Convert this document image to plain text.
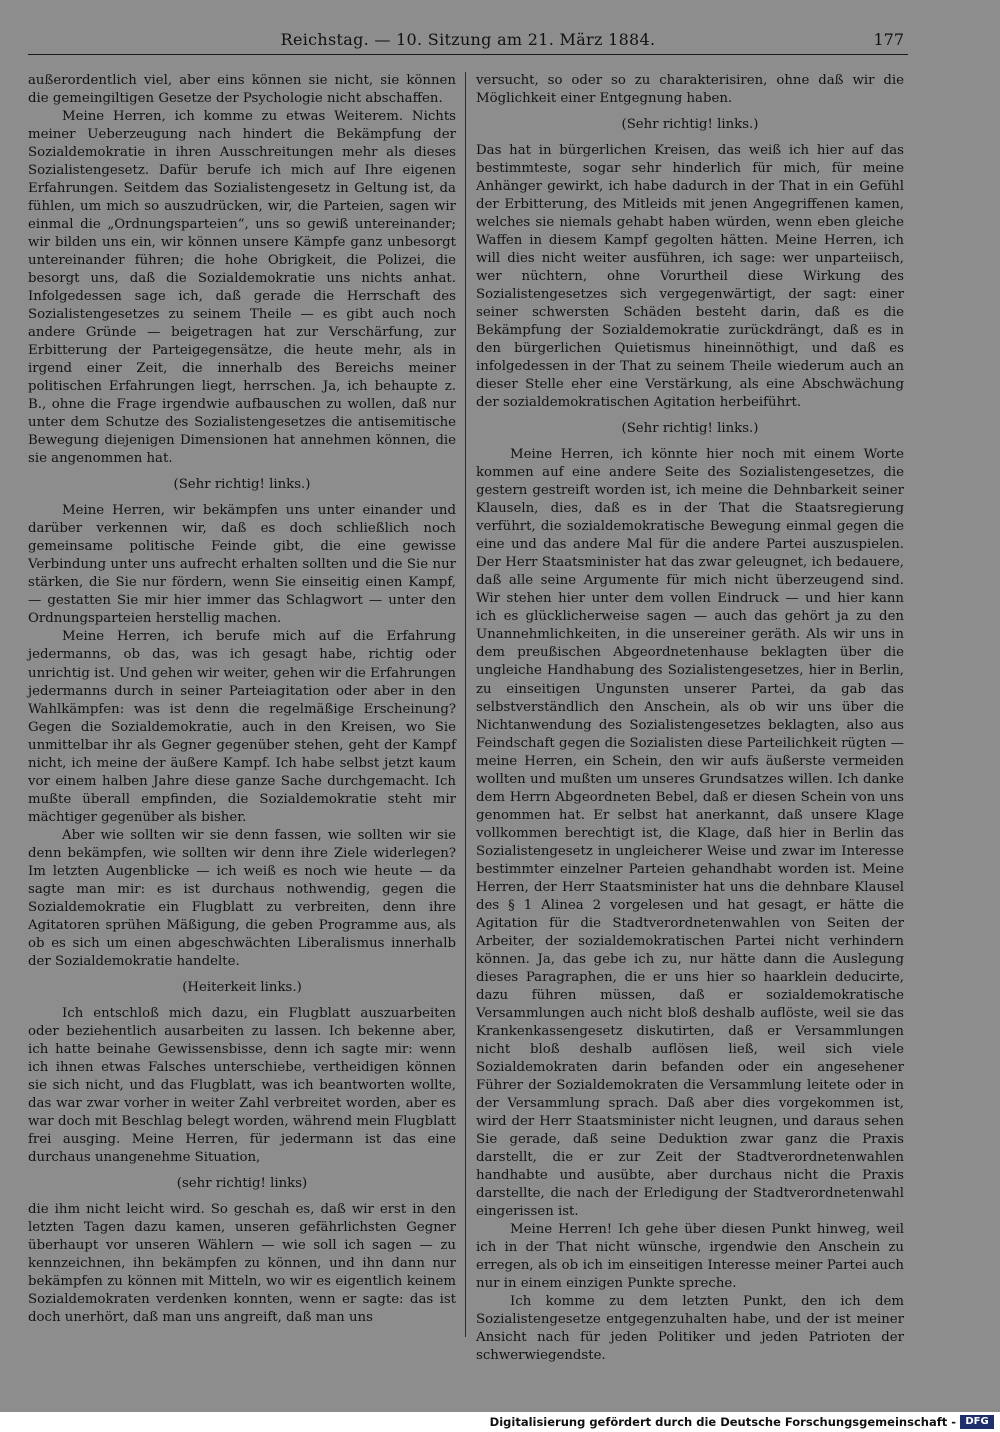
Reichstag. — 10. Sitzung am 21. März 1884.	177

außerordentlich viel, aber eins können sie nicht, sie können die gemeingiltigen Gesetze der Psychologie nicht abschaffen.

Meine Herren, ich komme zu etwas Weiterem. Nichts meiner Ueberzeugung nach hindert die Bekämpfung der Sozialdemokratie in ihren Ausschreitungen mehr als dieses Sozialistengesetz. Dafür berufe ich mich auf Ihre eigenen Erfahrungen. Seitdem das Sozialistengesetz in Geltung ist, da fühlen, um mich so auszudrücken, wir, die Parteien, sagen wir einmal die „Ordnungsparteien“, uns so gewiß untereinander; wir bilden uns ein, wir können unsere Kämpfe ganz unbesorgt untereinander führen; die hohe Obrigkeit, die Polizei, die besorgt uns, daß die Sozialdemokratie uns nichts anhat. Infolgedessen sage ich, daß gerade die Herrschaft des Sozialistengesetzes zu seinem Theile — es gibt auch noch andere Gründe — beigetragen hat zur Verschärfung, zur Erbitterung der Parteigegensätze, die heute mehr, als in irgend einer Zeit, die innerhalb des Bereichs meiner politischen Erfahrungen liegt, herrschen. Ja, ich behaupte z. B., ohne die Frage irgendwie aufbauschen zu wollen, daß nur unter dem Schutze des Sozialistengesetzes die antisemitische Bewegung diejenigen Dimensionen hat annehmen können, die sie angenommen hat.

(Sehr richtig! links.)

Meine Herren, wir bekämpfen uns unter einander und darüber verkennen wir, daß es doch schließlich noch gemeinsame politische Feinde gibt, die eine gewisse Verbindung unter uns aufrecht erhalten sollten und die Sie nur stärken, die Sie nur fördern, wenn Sie einseitig einen Kampf, — gestatten Sie mir hier immer das Schlagwort — unter den Ordnungsparteien herstellig machen.

Meine Herren, ich berufe mich auf die Erfahrung jedermanns, ob das, was ich gesagt habe, richtig oder unrichtig ist. Und gehen wir weiter, gehen wir die Erfahrungen jedermanns durch in seiner Parteiagitation oder aber in den Wahlkämpfen: was ist denn die regelmäßige Erscheinung? Gegen die Sozialdemokratie, auch in den Kreisen, wo Sie unmittelbar ihr als Gegner gegenüber stehen, geht der Kampf nicht, ich meine der äußere Kampf. Ich habe selbst jetzt kaum vor einem halben Jahre diese ganze Sache durchgemacht. Ich mußte überall empfinden, die Sozialdemokratie steht mir mächtiger gegenüber als bisher.

Aber wie sollten wir sie denn fassen, wie sollten wir sie denn bekämpfen, wie sollten wir denn ihre Ziele widerlegen? Im letzten Augenblicke — ich weiß es noch wie heute — da sagte man mir: es ist durchaus nothwendig, gegen die Sozialdemokratie ein Flugblatt zu verbreiten, denn ihre Agitatoren sprühen Mäßigung, die geben Programme aus, als ob es sich um einen abgeschwächten Liberalismus innerhalb der Sozialdemokratie handelte.

(Heiterkeit links.)

Ich entschloß mich dazu, ein Flugblatt auszuarbeiten oder beziehentlich ausarbeiten zu lassen. Ich bekenne aber, ich hatte beinahe Gewissensbisse, denn ich sagte mir: wenn ich ihnen etwas Falsches unterschiebe, vertheidigen können sie sich nicht, und das Flugblatt, was ich beantworten wollte, das war zwar vorher in weiter Zahl verbreitet worden, aber es war doch mit Beschlag belegt worden, während mein Flugblatt frei ausging. Meine Herren, für jedermann ist das eine durchaus unangenehme Situation,

(sehr richtig! links)

die ihm nicht leicht wird. So geschah es, daß wir erst in den letzten Tagen dazu kamen, unseren gefährlichsten Gegner überhaupt vor unseren Wählern — wie soll ich sagen — zu kennzeichnen, ihn bekämpfen zu können, und ihn dann nur bekämpfen zu können mit Mitteln, wo wir es eigentlich keinem Sozialdemokraten verdenken konnten, wenn er sagte: das ist doch unerhört, daß man uns angreift, daß man uns

versucht, so oder so zu charakterisiren, ohne daß wir die Möglichkeit einer Entgegnung haben.

(Sehr richtig! links.)

Das hat in bürgerlichen Kreisen, das weiß ich hier auf das bestimmteste, sogar sehr hinderlich für mich, für meine Anhänger gewirkt, ich habe dadurch in der That in ein Gefühl der Erbitterung, des Mitleids mit jenen Angegriffenen kamen, welches sie niemals gehabt haben würden, wenn eben gleiche Waffen in diesem Kampf gegolten hätten. Meine Herren, ich will dies nicht weiter ausführen, ich sage: wer unparteiisch, wer nüchtern, ohne Vorurtheil diese Wirkung des Sozialistengesetzes sich vergegenwärtigt, der sagt: einer seiner schwersten Schäden besteht darin, daß es die Bekämpfung der Sozialdemokratie zurückdrängt, daß es in den bürgerlichen Quietismus hineinnöthigt, und daß es infolgedessen in der That zu seinem Theile wiederum auch an dieser Stelle eher eine Verstärkung, als eine Abschwächung der sozialdemokratischen Agitation herbeiführt.

(Sehr richtig! links.)

Meine Herren, ich könnte hier noch mit einem Worte kommen auf eine andere Seite des Sozialistengesetzes, die gestern gestreift worden ist, ich meine die Dehnbarkeit seiner Klauseln, dies, daß es in der That die Staatsregierung verführt, die sozialdemokratische Bewegung einmal gegen die eine und das andere Mal für die andere Partei auszuspielen. Der Herr Staatsminister hat das zwar geleugnet, ich bedauere, daß alle seine Argumente für mich nicht überzeugend sind. Wir stehen hier unter dem vollen Eindruck — und hier kann ich es glücklicherweise sagen — auch das gehört ja zu den Unannehmlichkeiten, in die unsereiner geräth. Als wir uns in dem preußischen Abgeordnetenhause beklagten über die ungleiche Handhabung des Sozialistengesetzes, hier in Berlin, zu einseitigen Ungunsten unserer Partei, da gab das selbstverständlich den Anschein, als ob wir uns über die Nichtanwendung des Sozialistengesetzes beklagten, also aus Feindschaft gegen die Sozialisten diese Parteilichkeit rügten — meine Herren, ein Schein, den wir aufs äußerste vermeiden wollten und mußten um unseres Grundsatzes willen. Ich danke dem Herrn Abgeordneten Bebel, daß er diesen Schein von uns genommen hat. Er selbst hat anerkannt, daß unsere Klage vollkommen berechtigt ist, die Klage, daß hier in Berlin das Sozialistengesetz in ungleicherer Weise und zwar im Interesse bestimmter einzelner Parteien gehandhabt worden ist. Meine Herren, der Herr Staatsminister hat uns die dehnbare Klausel des § 1 Alinea 2 vorgelesen und hat gesagt, er hätte die Agitation für die Stadtverordnetenwahlen von Seiten der Arbeiter, der sozialdemokratischen Partei nicht verhindern können. Ja, das gebe ich zu, nur hätte dann die Auslegung dieses Paragraphen, die er uns hier so haarklein deducirte, dazu führen müssen, daß er sozialdemokratische Versammlungen auch nicht bloß deshalb auflöste, weil sie das Krankenkassengesetz diskutirten, daß er Versammlungen nicht bloß deshalb auflösen ließ, weil sich viele Sozialdemokraten darin befanden oder ein angesehener Führer der Sozialdemokraten die Versammlung leitete oder in der Versammlung sprach. Daß aber dies vorgekommen ist, wird der Herr Staatsminister nicht leugnen, und daraus sehen Sie gerade, daß seine Deduktion zwar ganz die Praxis darstellt, die er zur Zeit der Stadtverordnetenwahlen handhabte und ausübte, aber durchaus nicht die Praxis darstellte, die nach der Erledigung der Stadtverordnetenwahl eingerissen ist.

Meine Herren! Ich gehe über diesen Punkt hinweg, weil ich in der That nicht wünsche, irgendwie den Anschein zu erregen, als ob ich im einseitigen Interesse meiner Partei auch nur in einem einzigen Punkte spreche.

Ich komme zu dem letzten Punkt, den ich dem Sozialistengesetze entgegenzuhalten habe, und der ist meiner Ansicht nach für jeden Politiker und jeden Patrioten der schwerwiegendste.

Digitalisierung gefördert durch die Deutsche Forschungsgemeinschaft - DFG
